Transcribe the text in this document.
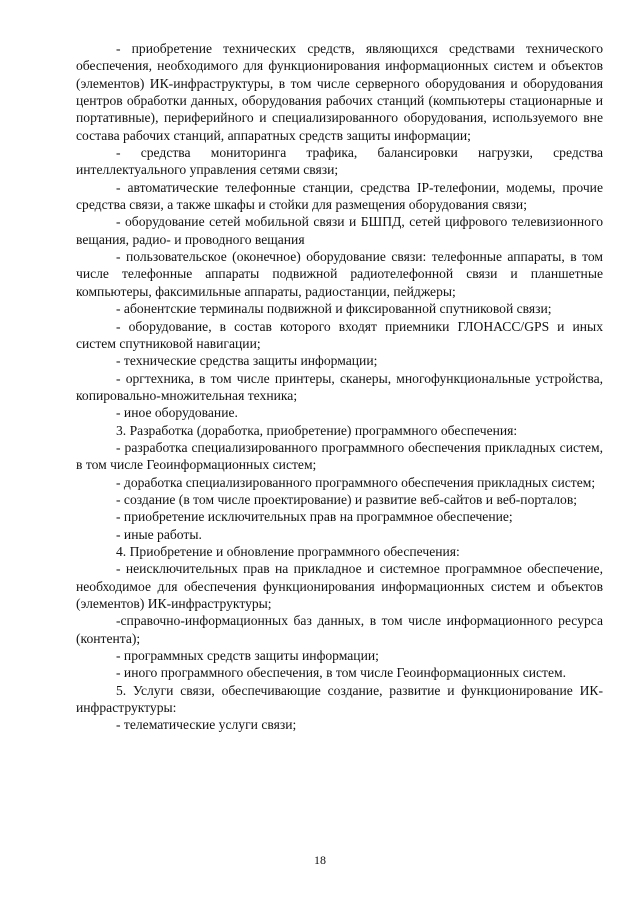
- приобретение технических средств, являющихся средствами технического обеспечения, необходимого для функционирования информационных систем и объектов (элементов) ИК-инфраструктуры, в том числе серверного оборудования и оборудования центров обработки данных, оборудования рабочих станций (компьютеры стационарные и портативные), периферийного и специализированного оборудования, используемого вне состава рабочих станций, аппаратных средств защиты информации;

- средства мониторинга трафика, балансировки нагрузки, средства интеллектуального управления сетями связи;

- автоматические телефонные станции, средства IP-телефонии, модемы, прочие средства связи, а также шкафы и стойки для размещения оборудования связи;

- оборудование сетей мобильной связи и БШПД, сетей цифрового телевизионного вещания, радио- и проводного вещания

- пользовательское (оконечное) оборудование связи: телефонные аппараты, в том числе телефонные аппараты подвижной радиотелефонной связи и планшетные компьютеры, факсимильные аппараты, радиостанции, пейджеры;

- абонентские терминалы подвижной и фиксированной спутниковой связи;

- оборудование, в состав которого входят приемники ГЛОНАСС/GPS и иных систем спутниковой навигации;

- технические средства защиты информации;

- оргтехника, в том числе принтеры, сканеры, многофункциональные устройства, копировально-множительная техника;

- иное оборудование.

3. Разработка (доработка, приобретение) программного обеспечения:

- разработка специализированного программного обеспечения прикладных систем, в том числе Геоинформационных систем;

- доработка специализированного программного обеспечения прикладных систем;

- создание (в том числе проектирование) и развитие веб-сайтов и веб-порталов;

- приобретение исключительных прав на программное обеспечение;

- иные работы.

4. Приобретение и обновление программного обеспечения:

- неисключительных прав на прикладное и системное программное обеспечение, необходимое для обеспечения функционирования информационных систем и объектов (элементов) ИК-инфраструктуры;

-справочно-информационных баз данных, в том числе информационного ресурса (контента);

- программных средств защиты информации;

- иного программного обеспечения, в том числе Геоинформационных систем.

5. Услуги связи, обеспечивающие создание, развитие и функционирование ИК-инфраструктуры:

- телематические услуги связи;

18
